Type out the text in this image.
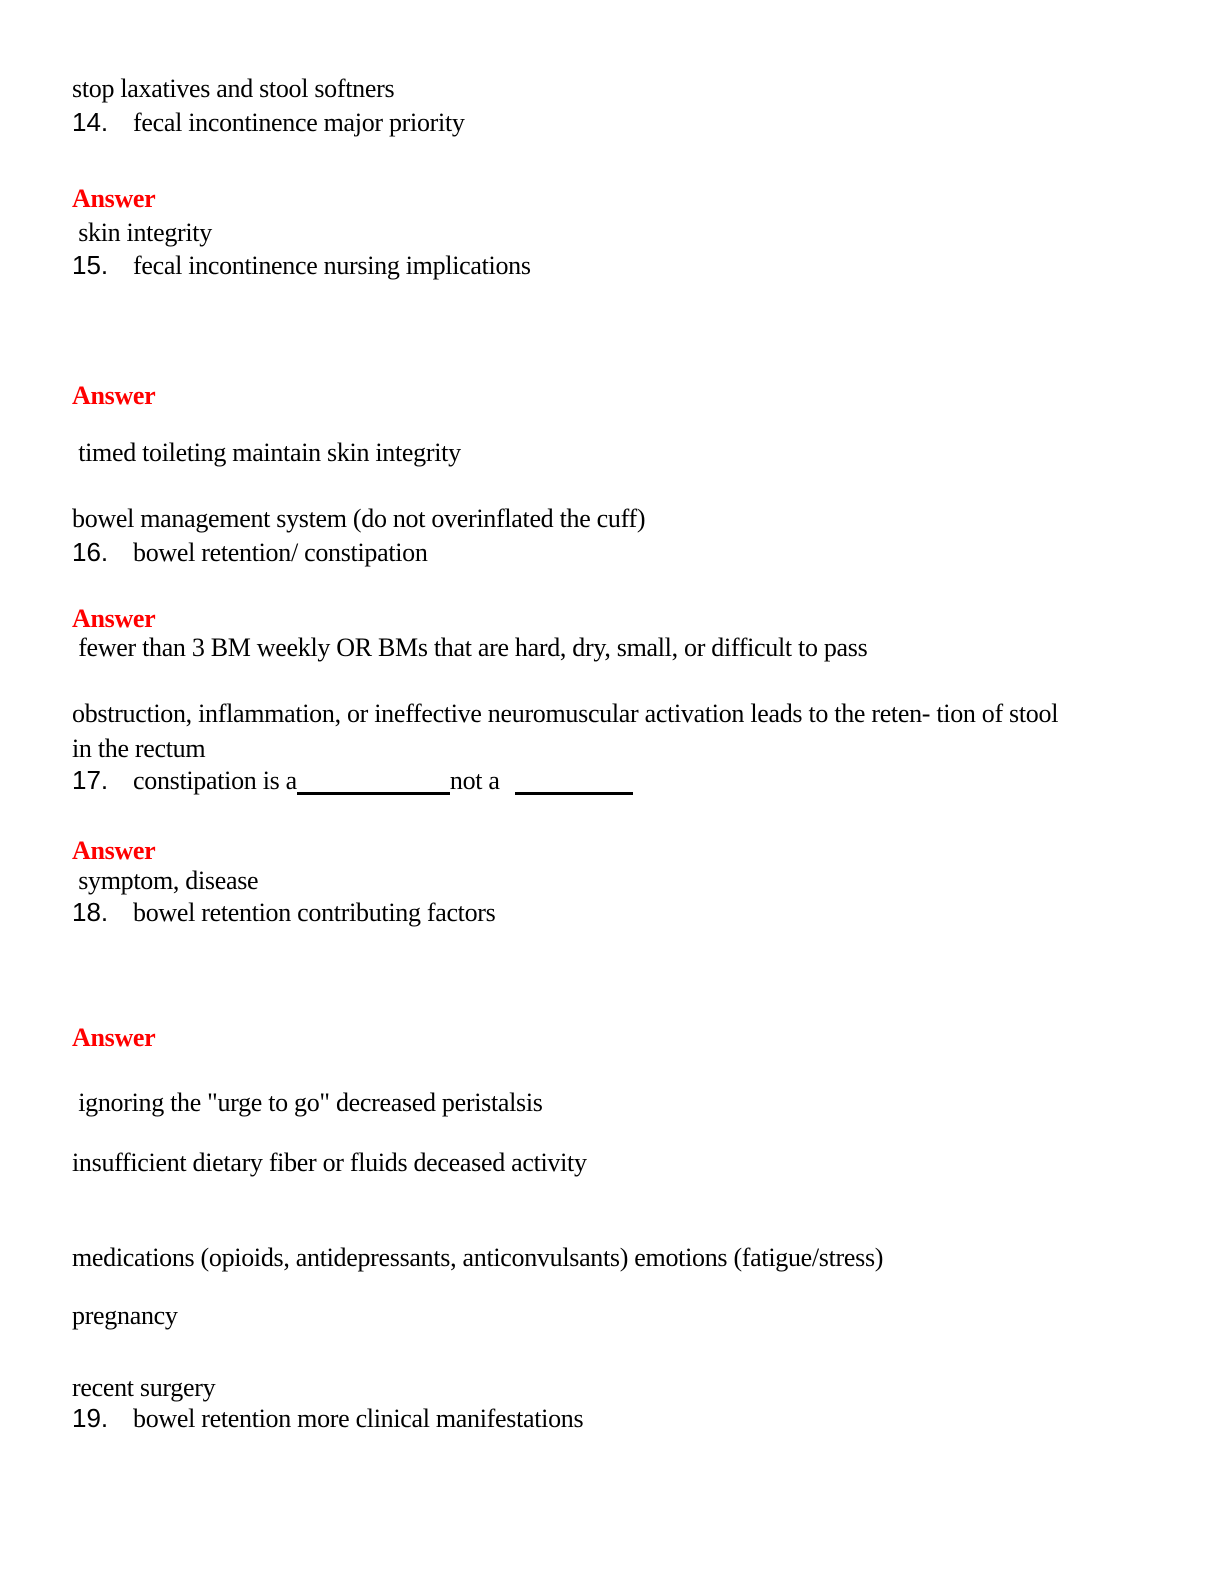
stop laxatives and stool softners
14. fecal incontinence major priority
Answer
skin integrity
15. fecal incontinence nursing implications
Answer
timed toileting maintain skin integrity
bowel management system (do not overinflated the cuff)
16. bowel retention/ constipation
Answer
fewer than 3 BM weekly OR BMs that are hard, dry, small, or difficult to pass
obstruction, inflammation, or ineffective neuromuscular activation leads to the reten- tion of stool
in the rectum
17. constipation is a	not a
Answer
symptom, disease
18. bowel retention contributing factors
Answer
ignoring the "urge to go" decreased peristalsis
insufficient dietary fiber or fluids deceased activity
medications (opioids, antidepressants, anticonvulsants) emotions (fatigue/stress)
pregnancy
recent surgery
19. bowel retention more clinical manifestations
